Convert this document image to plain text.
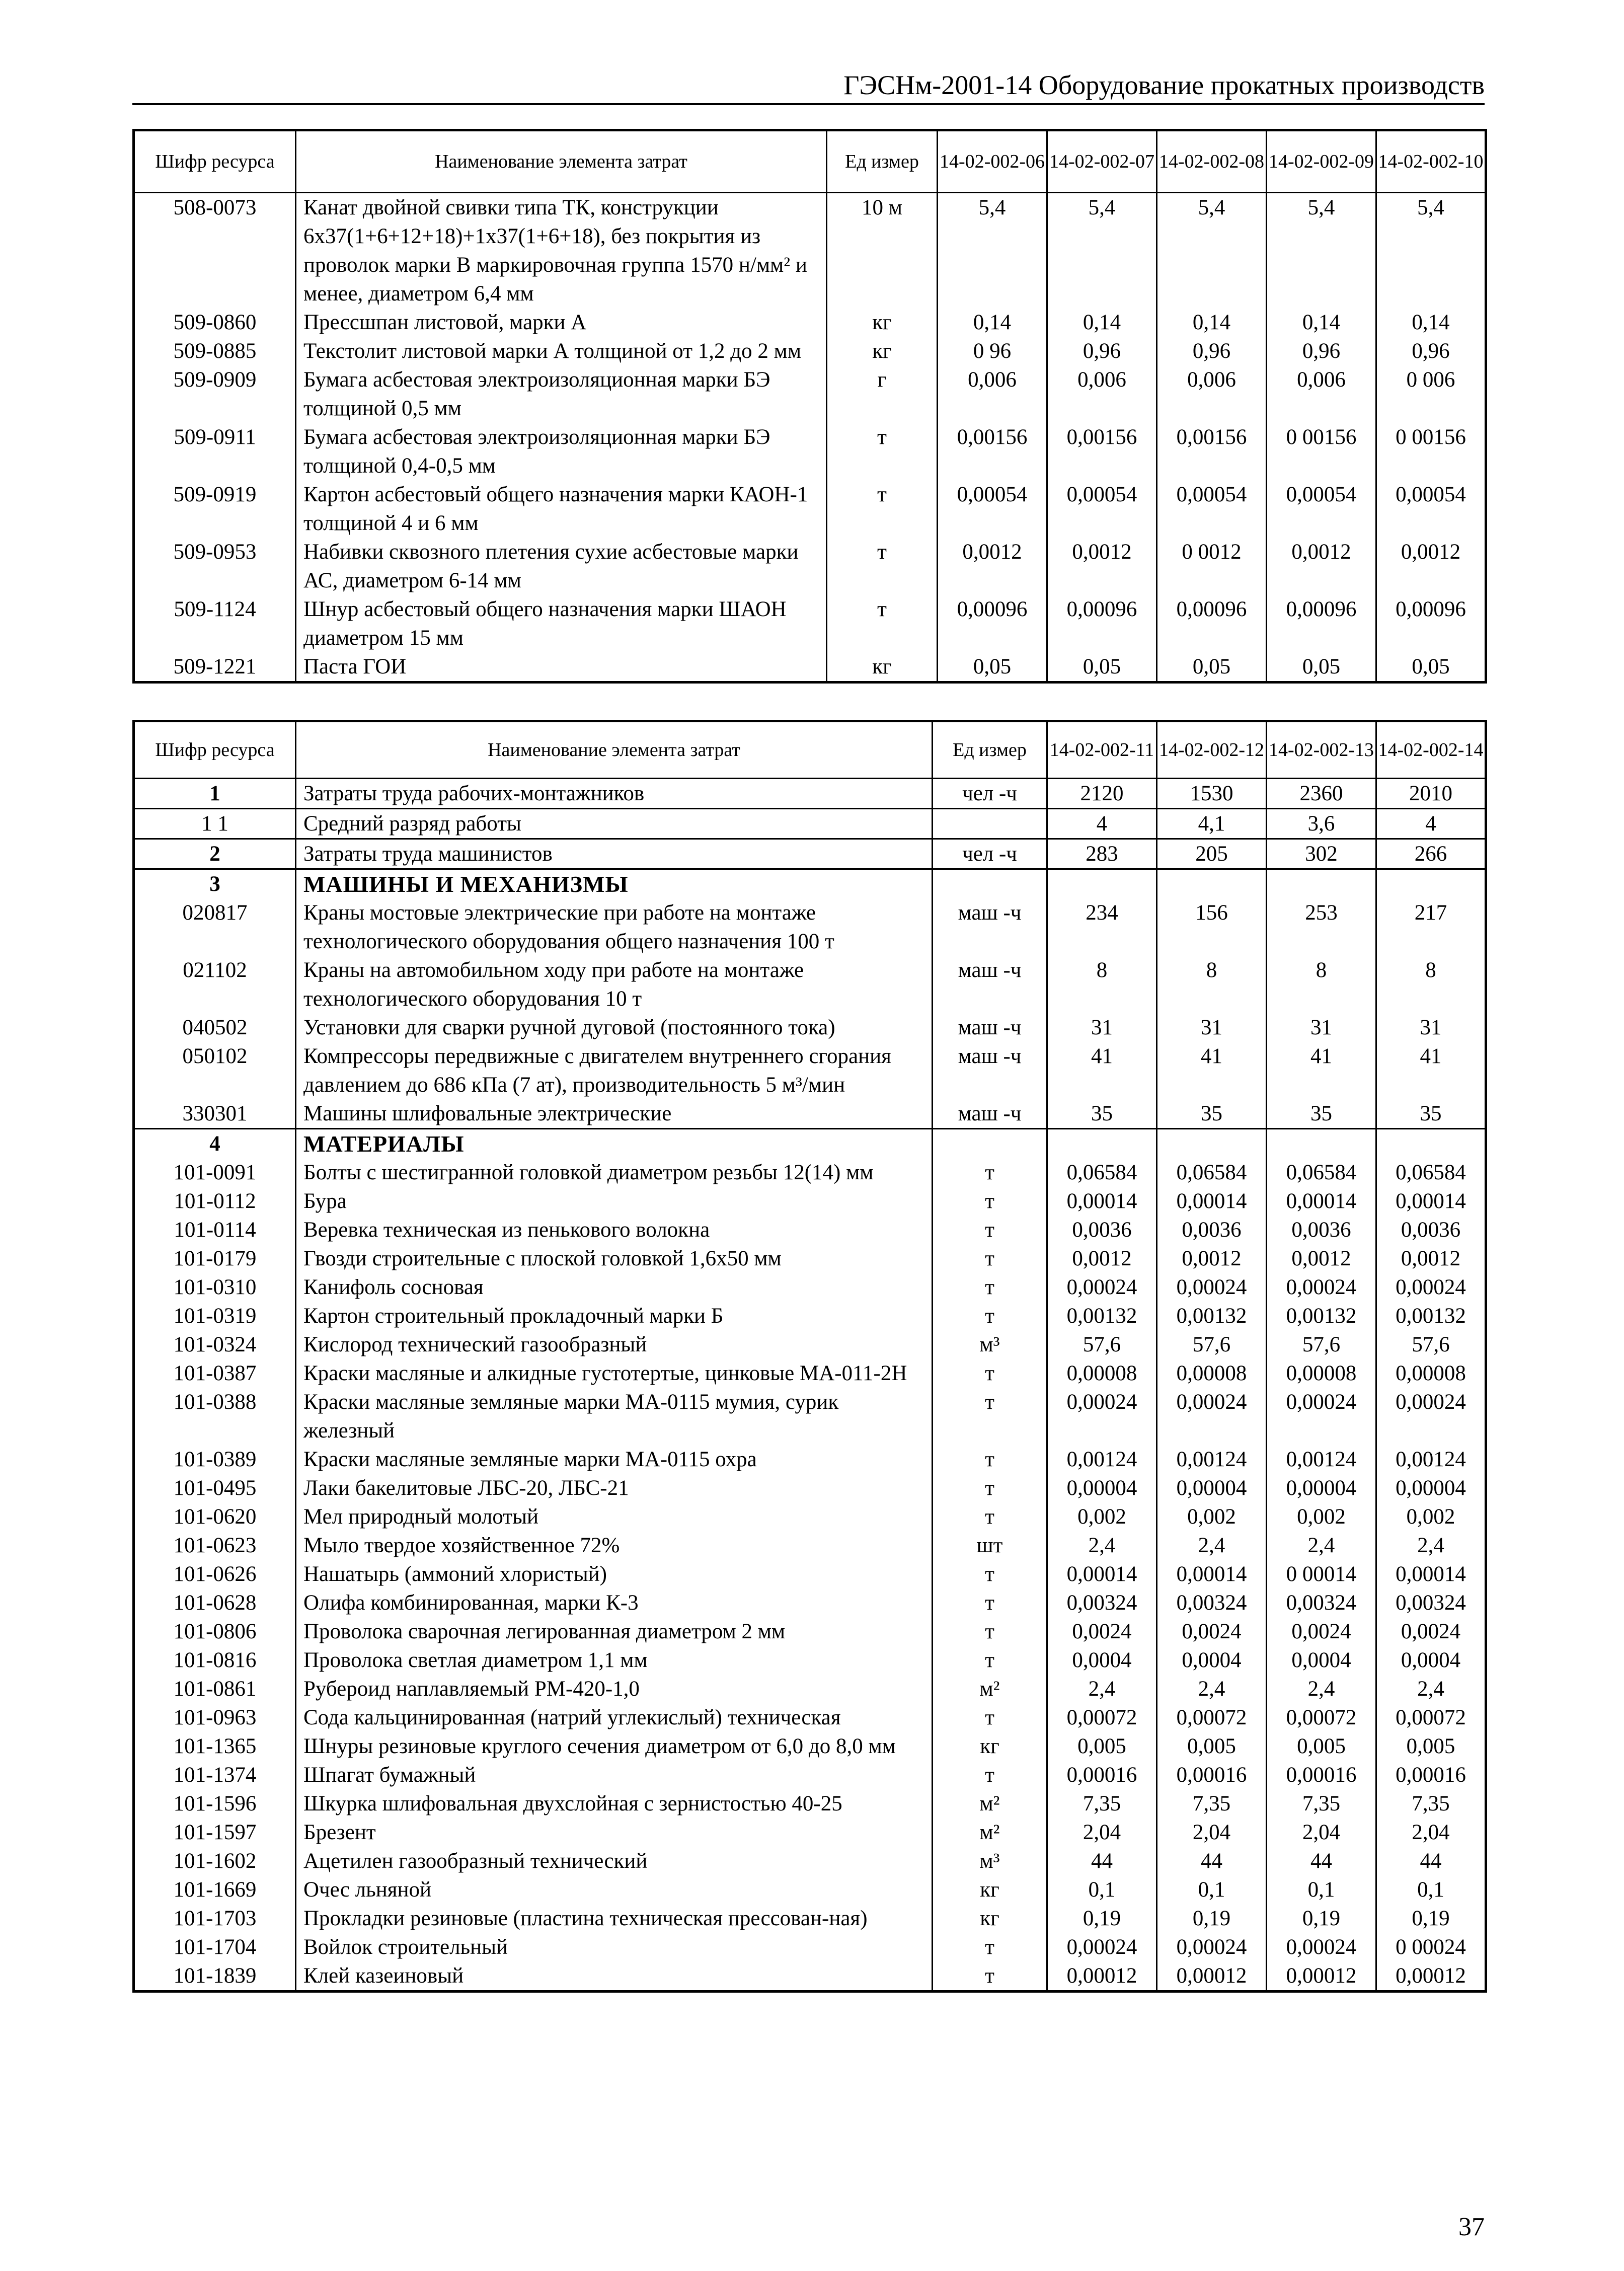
ГЭСНм-2001-14 Оборудование прокатных производств
Шифр ресурса	Наименование элемента затрат	Ед измер	14-02-002-06	14-02-002-07	14-02-002-08	14-02-002-09	14-02-002-10
508-0073	Канат двойной свивки типа ТК, конструкции 6х37(1+6+12+18)+1х37(1+6+18), без покрытия из проволок марки В маркировочная группа 1570 н/мм² и менее, диаметром 6,4 мм	10 м	5,4	5,4	5,4	5,4	5,4
509-0860	Прессшпан листовой, марки А	кг	0,14	0,14	0,14	0,14	0,14
509-0885	Текстолит листовой марки А толщиной от 1,2 до 2 мм	кг	0 96	0,96	0,96	0,96	0,96
509-0909	Бумага асбестовая электроизоляционная марки БЭ толщиной 0,5 мм	г	0,006	0,006	0,006	0,006	0 006
509-0911	Бумага асбестовая электроизоляционная марки БЭ толщиной 0,4-0,5 мм	т	0,00156	0,00156	0,00156	0 00156	0 00156
509-0919	Картон асбестовый общего назначения марки КАОН-1 толщиной 4 и 6 мм	т	0,00054	0,00054	0,00054	0,00054	0,00054
509-0953	Набивки сквозного плетения сухие асбестовые марки АС, диаметром 6-14 мм	т	0,0012	0,0012	0 0012	0,0012	0,0012
509-1124	Шнур асбестовый общего назначения марки ШАОН диаметром 15 мм	т	0,00096	0,00096	0,00096	0,00096	0,00096
509-1221	Паста ГОИ	кг	0,05	0,05	0,05	0,05	0,05
Шифр ресурса	Наименование элемента затрат	Ед измер	14-02-002-11	14-02-002-12	14-02-002-13	14-02-002-14
1	Затраты труда рабочих-монтажников	чел -ч	2120	1530	2360	2010
1 1	Средний разряд работы		4	4,1	3,6	4
2	Затраты труда машинистов	чел -ч	283	205	302	266
3	МАШИНЫ И МЕХАНИЗМЫ					
020817	Краны мостовые электрические при работе на монтаже технологического оборудования общего назначения 100 т	маш -ч	234	156	253	217
021102	Краны на автомобильном ходу при работе на монтаже технологического оборудования 10 т	маш -ч	8	8	8	8
040502	Установки для сварки ручной дуговой (постоянного тока)	маш -ч	31	31	31	31
050102	Компрессоры передвижные с двигателем внутреннего сгорания давлением до 686 кПа (7 ат), производительность 5 м³/мин	маш -ч	41	41	41	41
330301	Машины шлифовальные электрические	маш -ч	35	35	35	35
4	МАТЕРИАЛЫ					
101-0091	Болты с шестигранной головкой диаметром резьбы 12(14) мм	т	0,06584	0,06584	0,06584	0,06584
101-0112	Бура	т	0,00014	0,00014	0,00014	0,00014
101-0114	Веревка техническая из пенькового волокна	т	0,0036	0,0036	0,0036	0,0036
101-0179	Гвозди строительные с плоской головкой 1,6х50 мм	т	0,0012	0,0012	0,0012	0,0012
101-0310	Канифоль сосновая	т	0,00024	0,00024	0,00024	0,00024
101-0319	Картон строительный прокладочный марки Б	т	0,00132	0,00132	0,00132	0,00132
101-0324	Кислород технический газообразный	м³	57,6	57,6	57,6	57,6
101-0387	Краски масляные и алкидные густотертые, цинковые МА-011-2Н	т	0,00008	0,00008	0,00008	0,00008
101-0388	Краски масляные земляные марки МА-0115 мумия, сурик железный	т	0,00024	0,00024	0,00024	0,00024
101-0389	Краски масляные земляные марки МА-0115 охра	т	0,00124	0,00124	0,00124	0,00124
101-0495	Лаки бакелитовые ЛБС-20, ЛБС-21	т	0,00004	0,00004	0,00004	0,00004
101-0620	Мел природный молотый	т	0,002	0,002	0,002	0,002
101-0623	Мыло твердое хозяйственное 72%	шт	2,4	2,4	2,4	2,4
101-0626	Нашатырь (аммоний хлористый)	т	0,00014	0,00014	0 00014	0,00014
101-0628	Олифа комбинированная, марки К-3	т	0,00324	0,00324	0,00324	0,00324
101-0806	Проволока сварочная легированная диаметром 2 мм	т	0,0024	0,0024	0,0024	0,0024
101-0816	Проволока светлая диаметром 1,1 мм	т	0,0004	0,0004	0,0004	0,0004
101-0861	Рубероид наплавляемый РМ-420-1,0	м²	2,4	2,4	2,4	2,4
101-0963	Сода кальцинированная (натрий углекислый) техническая	т	0,00072	0,00072	0,00072	0,00072
101-1365	Шнуры резиновые круглого сечения диаметром от 6,0 до 8,0 мм	кг	0,005	0,005	0,005	0,005
101-1374	Шпагат бумажный	т	0,00016	0,00016	0,00016	0,00016
101-1596	Шкурка шлифовальная двухслойная с зернистостью 40-25	м²	7,35	7,35	7,35	7,35
101-1597	Брезент	м²	2,04	2,04	2,04	2,04
101-1602	Ацетилен газообразный технический	м³	44	44	44	44
101-1669	Очес льняной	кг	0,1	0,1	0,1	0,1
101-1703	Прокладки резиновые (пластина техническая прессован-ная)	кг	0,19	0,19	0,19	0,19
101-1704	Войлок строительный	т	0,00024	0,00024	0,00024	0 00024
101-1839	Клей казеиновый	т	0,00012	0,00012	0,00012	0,00012
37
